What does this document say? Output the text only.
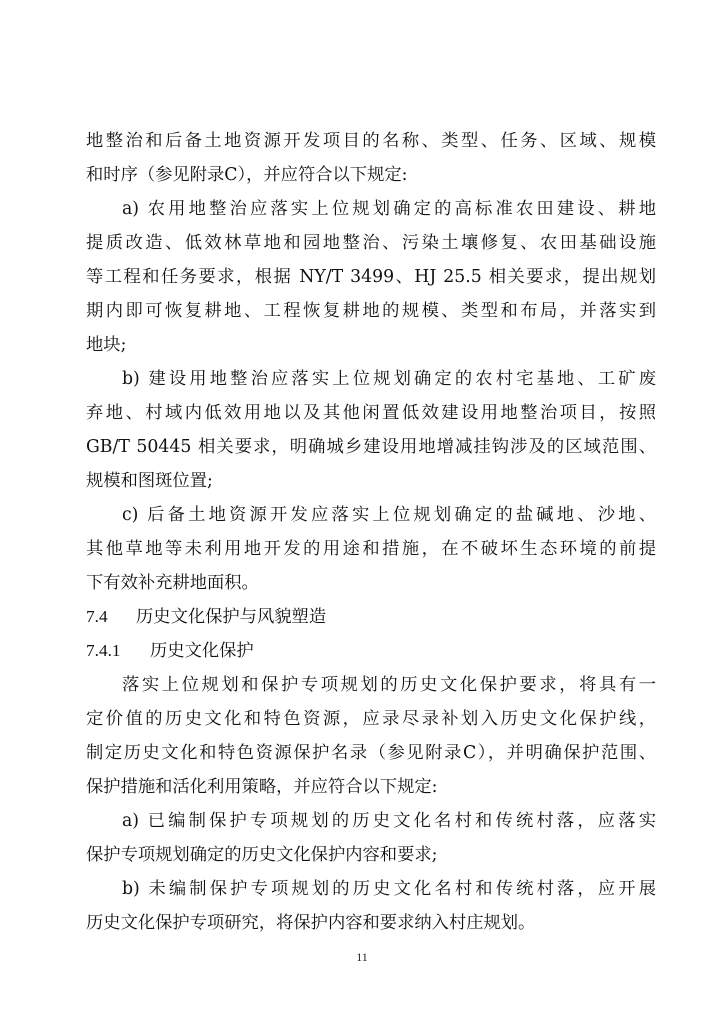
地整治和后备土地资源开发项目的名称、类型、任务、区域、规模
和时序（参见附录C），并应符合以下规定:
a) 农用地整治应落实上位规划确定的高标准农田建设、耕地
提质改造、低效林草地和园地整治、污染土壤修复、农田基础设施
等工程和任务要求，根据 NY/T 3499、HJ 25.5 相关要求，提出规划
期内即可恢复耕地、工程恢复耕地的规模、类型和布局，并落实到
地块;
b) 建设用地整治应落实上位规划确定的农村宅基地、工矿废
弃地、村域内低效用地以及其他闲置低效建设用地整治项目，按照
GB/T 50445 相关要求，明确城乡建设用地增减挂钩涉及的区域范围、
规模和图斑位置;
c) 后备土地资源开发应落实上位规划确定的盐碱地、沙地、
其他草地等未利用地开发的用途和措施，在不破坏生态环境的前提
下有效补充耕地面积。
7.4 历史文化保护与风貌塑造
7.4.1 历史文化保护
落实上位规划和保护专项规划的历史文化保护要求，将具有一
定价值的历史文化和特色资源，应录尽录补划入历史文化保护线，
制定历史文化和特色资源保护名录（参见附录C），并明确保护范围、
保护措施和活化利用策略，并应符合以下规定:
a) 已编制保护专项规划的历史文化名村和传统村落，应落实
保护专项规划确定的历史文化保护内容和要求;
b) 未编制保护专项规划的历史文化名村和传统村落，应开展
历史文化保护专项研究，将保护内容和要求纳入村庄规划。
11
